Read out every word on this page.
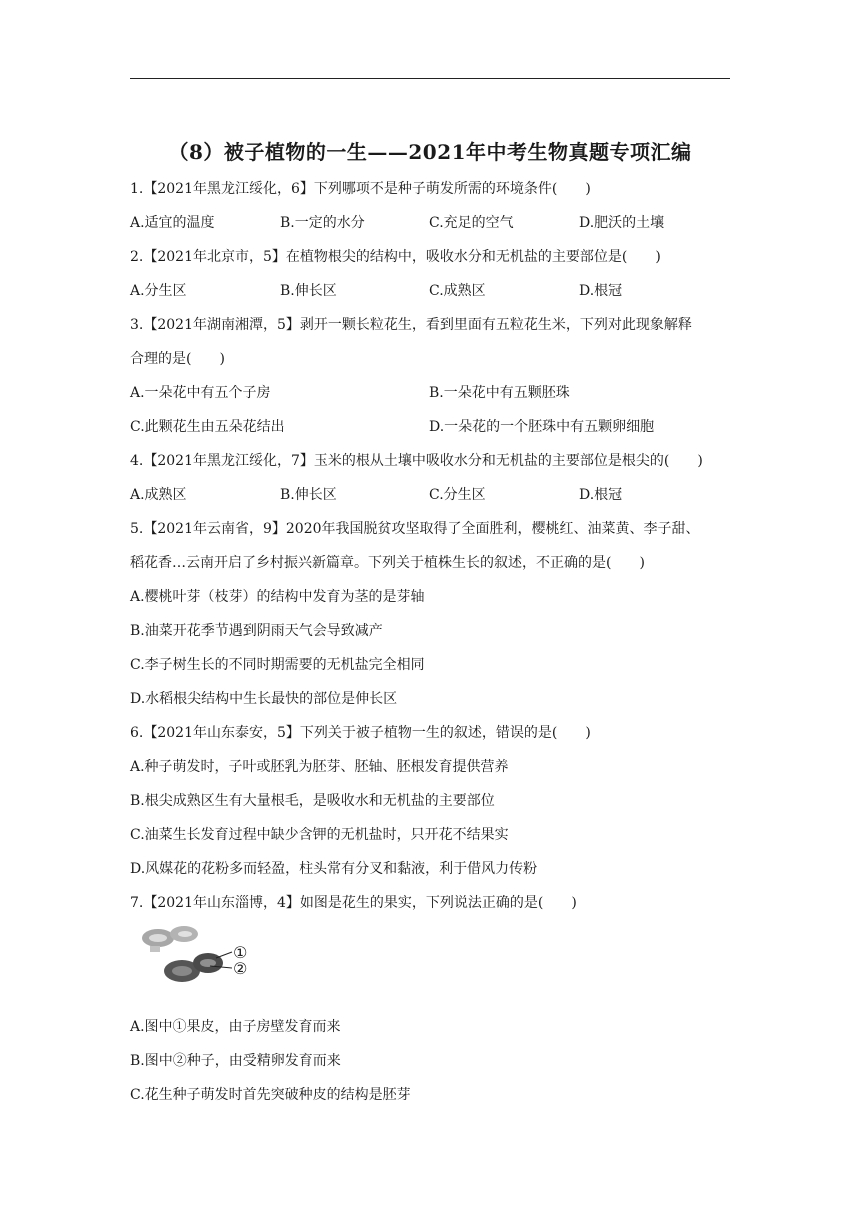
（8）被子植物的一生——2021年中考生物真题专项汇编
1.【2021年黑龙江绥化，6】下列哪项不是种子萌发所需的环境条件(　　)
A.适宜的温度	B.一定的水分	C.充足的空气	D.肥沃的土壤
2.【2021年北京市，5】在植物根尖的结构中，吸收水分和无机盐的主要部位是(　　)
A.分生区	B.伸长区	C.成熟区	D.根冠
3.【2021年湖南湘潭，5】剥开一颗长粒花生，看到里面有五粒花生米，下列对此现象解释
合理的是(　　)
A.一朵花中有五个子房	B.一朵花中有五颗胚珠
C.此颗花生由五朵花结出	D.一朵花的一个胚珠中有五颗卵细胞
4.【2021年黑龙江绥化，7】玉米的根从土壤中吸收水分和无机盐的主要部位是根尖的(　　)
A.成熟区	B.伸长区	C.分生区	D.根冠
5.【2021年云南省，9】2020年我国脱贫攻坚取得了全面胜利，樱桃红、油菜黄、李子甜、
稻花香…云南开启了乡村振兴新篇章。下列关于植株生长的叙述，不正确的是(　　)
A.樱桃叶芽（枝芽）的结构中发育为茎的是芽轴
B.油菜开花季节遇到阴雨天气会导致减产
C.李子树生长的不同时期需要的无机盐完全相同
D.水稻根尖结构中生长最快的部位是伸长区
6.【2021年山东泰安，5】下列关于被子植物一生的叙述，错误的是(　　)
A.种子萌发时，子叶或胚乳为胚芽、胚轴、胚根发育提供营养
B.根尖成熟区生有大量根毛，是吸收水和无机盐的主要部位
C.油菜生长发育过程中缺少含钾的无机盐时，只开花不结果实
D.风媒花的花粉多而轻盈，柱头常有分叉和黏液，利于借风力传粉
7.【2021年山东淄博，4】如图是花生的果实，下列说法正确的是(　　)
①
②
A.图中①果皮，由子房壁发育而来
B.图中②种子，由受精卵发育而来
C.花生种子萌发时首先突破种皮的结构是胚芽
